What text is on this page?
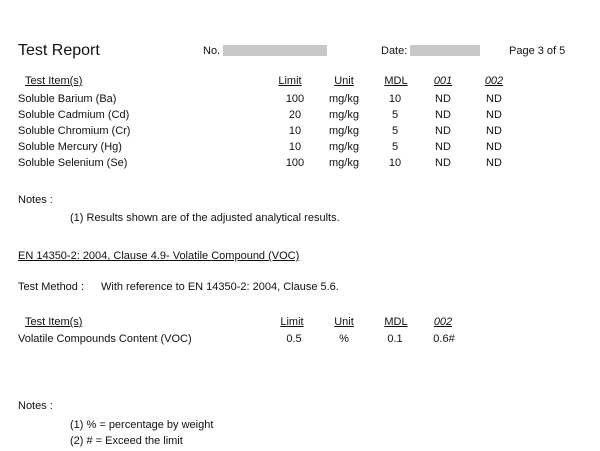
Test Report	No.	Date:	Page 3 of 5
Test Item(s)	Limit	Unit	MDL	001	002
Soluble Barium (Ba)	100	mg/kg	10	ND	ND
Soluble Cadmium (Cd)	20	mg/kg	5	ND	ND
Soluble Chromium (Cr)	10	mg/kg	5	ND	ND
Soluble Mercury (Hg)	10	mg/kg	5	ND	ND
Soluble Selenium (Se)	100	mg/kg	10	ND	ND
Notes :
(1) Results shown are of the adjusted analytical results.
EN 14350-2: 2004, Clause 4.9- Volatile Compound (VOC)
Test Method : With reference to EN 14350-2: 2004, Clause 5.6.
Test Item(s)	Limit	Unit	MDL	002
Volatile Compounds Content (VOC)	0.5	%	0.1	0.6#
Notes :
(1) % = percentage by weight
(2) # = Exceed the limit
